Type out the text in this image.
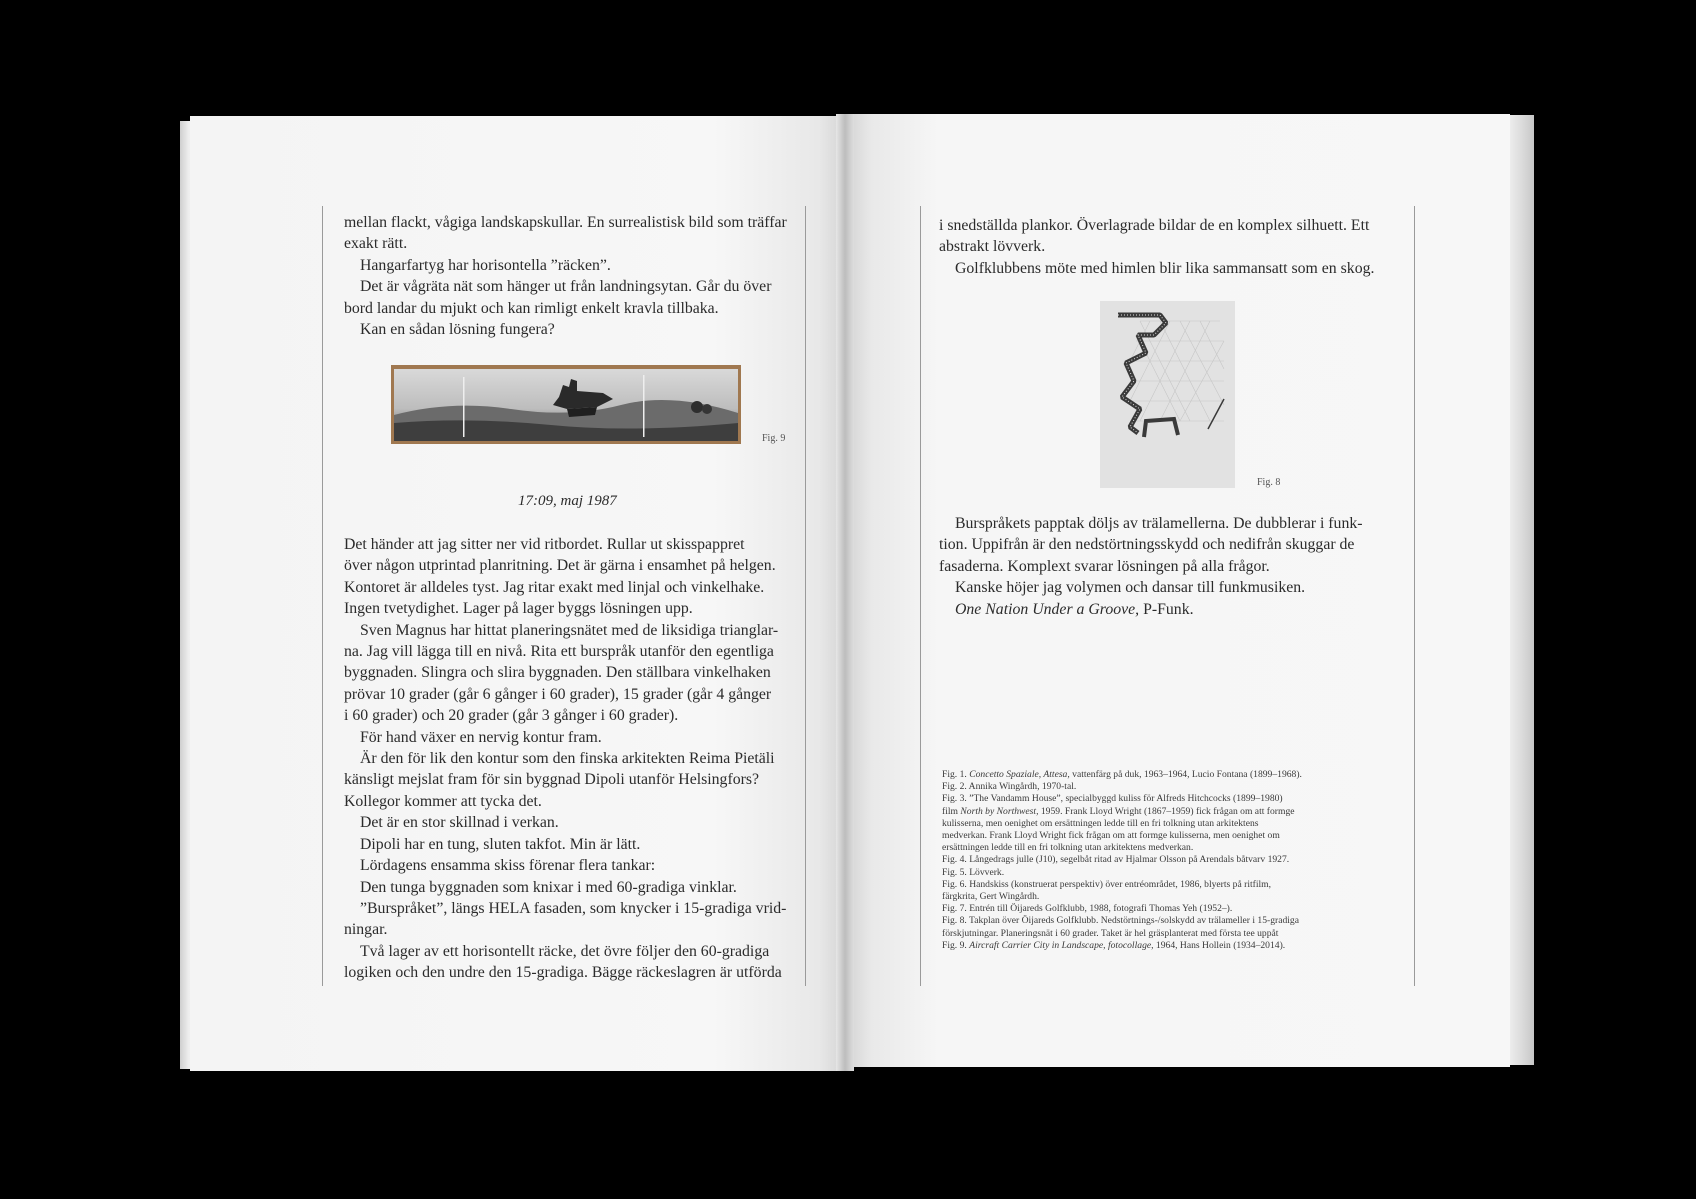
mellan flackt, vågiga landskapskullar. En surrealistisk bild som träffar

exakt rätt.

Hangarfartyg har horisontella ”räcken”.

Det är vågräta nät som hänger ut från landningsytan. Går du över

bord landar du mjukt och kan rimligt enkelt kravla tillbaka.

Kan en sådan lösning fungera?

Fig. 9
17:09, maj 1987

Det händer att jag sitter ner vid ritbordet. Rullar ut skisspappret

över någon utprintad planritning. Det är gärna i ensamhet på helgen.

Kontoret är alldeles tyst. Jag ritar exakt med linjal och vinkelhake.

Ingen tvetydighet. Lager på lager byggs lösningen upp.

Sven Magnus har hittat planeringsnätet med de liksidiga trianglar-

na. Jag vill lägga till en nivå. Rita ett burspråk utanför den egentliga

byggnaden. Slingra och slira byggnaden. Den ställbara vinkelhaken

prövar 10 grader (går 6 gånger i 60 grader), 15 grader (går 4 gånger

i 60 grader) och 20 grader (går 3 gånger i 60 grader).

För hand växer en nervig kontur fram.

Är den för lik den kontur som den finska arkitekten Reima Pietäli

känsligt mejslat fram för sin byggnad Dipoli utanför Helsingfors?

Kollegor kommer att tycka det.

Det är en stor skillnad i verkan.

Dipoli har en tung, sluten takfot. Min är lätt.

Lördagens ensamma skiss förenar flera tankar:

Den tunga byggnaden som knixar i med 60-gradiga vinklar.

”Burspråket”, längs HELA fasaden, som knycker i 15-gradiga vrid-

ningar.

Två lager av ett horisontellt räcke, det övre följer den 60-gradiga

logiken och den undre den 15-gradiga. Bägge räckeslagren är utförda

i snedställda plankor. Överlagrade bildar de en komplex silhuett. Ett

abstrakt lövverk.

Golfklubbens möte med himlen blir lika sammansatt som en skog.

Fig. 8

Burspråkets papptak döljs av trälamellerna. De dubblerar i funk-

tion. Uppifrån är den nedstörtningsskydd och nedifrån skuggar de

fasaderna. Komplext svarar lösningen på alla frågor.

Kanske höjer jag volymen och dansar till funkmusiken.

One Nation Under a Groove, P-Funk.

Fig. 1. Concetto Spaziale, Attesa, vattenfärg på duk, 1963–1964, Lucio Fontana (1899–1968).

Fig. 2. Annika Wingårdh, 1970-tal.

Fig. 3. ”The Vandamm House”, specialbyggd kuliss för Alfreds Hitchcocks (1899–1980)

film North by Northwest, 1959. Frank Lloyd Wright (1867–1959) fick frågan om att formge

kulisserna, men oenighet om ersättningen ledde till en fri tolkning utan arkitektens

medverkan. Frank Lloyd Wright fick frågan om att formge kulisserna, men oenighet om

ersättningen ledde till en fri tolkning utan arkitektens medverkan.

Fig. 4. Långedrags julle (J10), segelbåt ritad av Hjalmar Olsson på Arendals båtvarv 1927.

Fig. 5. Lövverk.

Fig. 6. Handskiss (konstruerat perspektiv) över entréområdet, 1986, blyerts på ritfilm,

färgkrita, Gert Wingårdh.

Fig. 7. Entrén till Öijareds Golfklubb, 1988, fotografi Thomas Yeh (1952–).

Fig. 8. Takplan över Öijareds Golfklubb. Nedstörtnings-/solskydd av trälameller i 15-gradiga

förskjutningar. Planeringsnät i 60 grader. Taket är hel gräsplanterat med första tee uppåt

Fig. 9. Aircraft Carrier City in Landscape, fotocollage, 1964, Hans Hollein (1934–2014).
